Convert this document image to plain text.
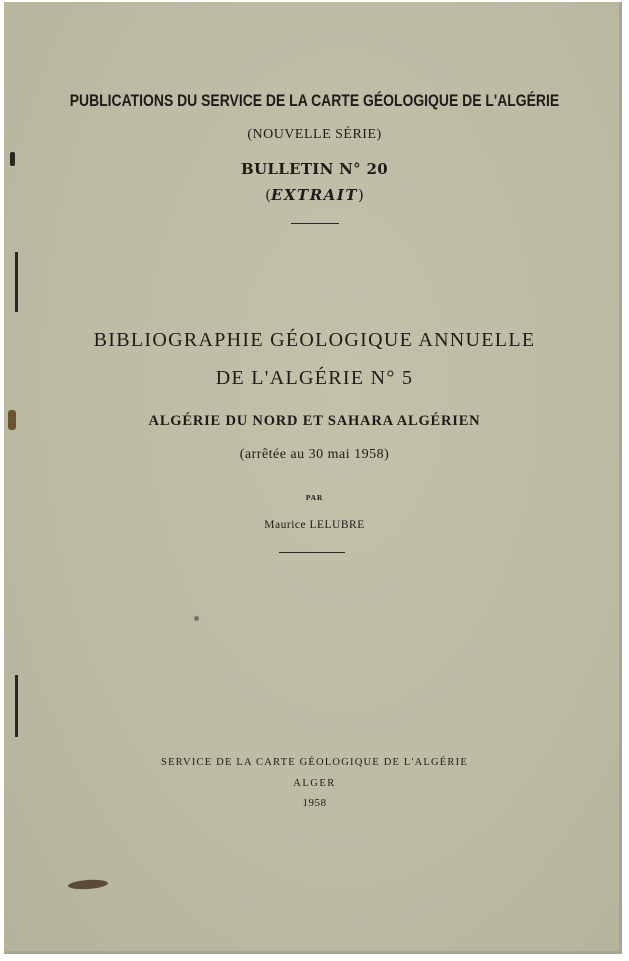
PUBLICATIONS DU SERVICE DE LA CARTE GÉOLOGIQUE DE L'ALGÉRIE
(NOUVELLE SÉRIE)
BULLETIN N° 20
(EXTRAIT)
BIBLIOGRAPHIE GÉOLOGIQUE ANNUELLE
DE L'ALGÉRIE N° 5
ALGÉRIE DU NORD ET SAHARA ALGÉRIEN
(arrêtée au 30 mai 1958)
PAR
Maurice LELUBRE
SERVICE DE LA CARTE GÉOLOGIQUE DE L'ALGÉRIE
ALGER
1958
